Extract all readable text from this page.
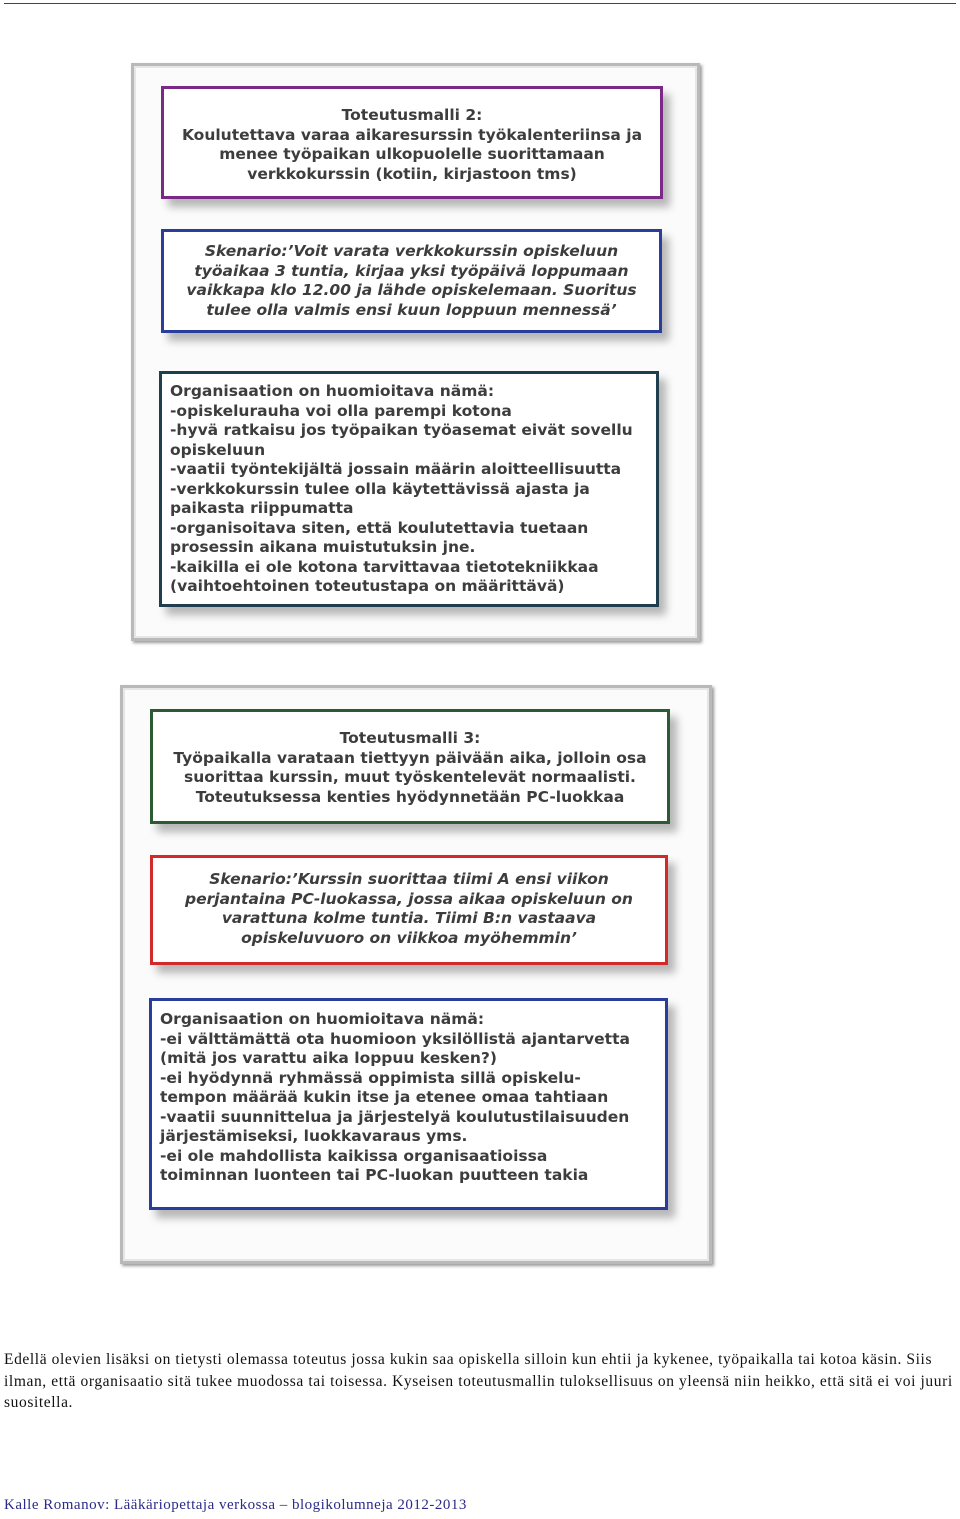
Toteutusmalli 2:
Koulutettava varaa aikaresurssin työkalenteriinsa ja
menee työpaikan ulkopuolelle suorittamaan
verkkokurssin (kotiin, kirjastoon tms)
Skenario:’Voit varata verkkokurssin opiskeluun
työaikaa 3 tuntia, kirjaa yksi työpäivä loppumaan
vaikkapa klo 12.00 ja lähde opiskelemaan. Suoritus
tulee olla valmis ensi kuun loppuun mennessä’
Organisaation on huomioitava nämä:
-opiskelurauha voi olla parempi kotona
-hyvä ratkaisu jos työpaikan työasemat eivät sovellu
opiskeluun
-vaatii työntekijältä jossain määrin aloitteellisuutta
-verkkokurssin tulee olla käytettävissä ajasta ja
paikasta riippumatta
-organisoitava siten, että koulutettavia tuetaan
prosessin aikana muistutuksin jne.
-kaikilla ei ole kotona tarvittavaa tietotekniikkaa
(vaihtoehtoinen toteutustapa on määrittävä)
Toteutusmalli 3:
Työpaikalla varataan tiettyyn päivään aika, jolloin osa
suorittaa kurssin, muut työskentelevät normaalisti.
Toteutuksessa kenties hyödynnetään PC-luokkaa
Skenario:’Kurssin suorittaa tiimi A ensi viikon
perjantaina PC-luokassa, jossa aikaa opiskeluun on
varattuna kolme tuntia. Tiimi B:n vastaava
opiskeluvuoro on viikkoa myöhemmin’
Organisaation on huomioitava nämä:
-ei välttämättä ota huomioon yksilöllistä ajantarvetta
(mitä jos varattu aika loppuu kesken?)
-ei hyödynnä ryhmässä oppimista sillä opiskelu-
tempon määrää kukin itse ja etenee omaa tahtiaan
-vaatii suunnittelua ja järjestelyä koulutustilaisuuden
järjestämiseksi, luokkavaraus yms.
-ei ole mahdollista kaikissa organisaatioissa
toiminnan luonteen tai PC-luokan puutteen takia

Edellä olevien lisäksi on tietysti olemassa toteutus jossa kukin saa opiskella silloin kun ehtii ja kykenee, työpaikalla tai kotoa käsin. Siis ilman, että organisaatio sitä tukee muodossa tai toisessa. Kyseisen toteutusmallin tuloksellisuus on yleensä niin heikko, että sitä ei voi juuri suositella.

Kalle Romanov: Lääkäriopettaja verkossa – blogikolumneja 2012-2013
